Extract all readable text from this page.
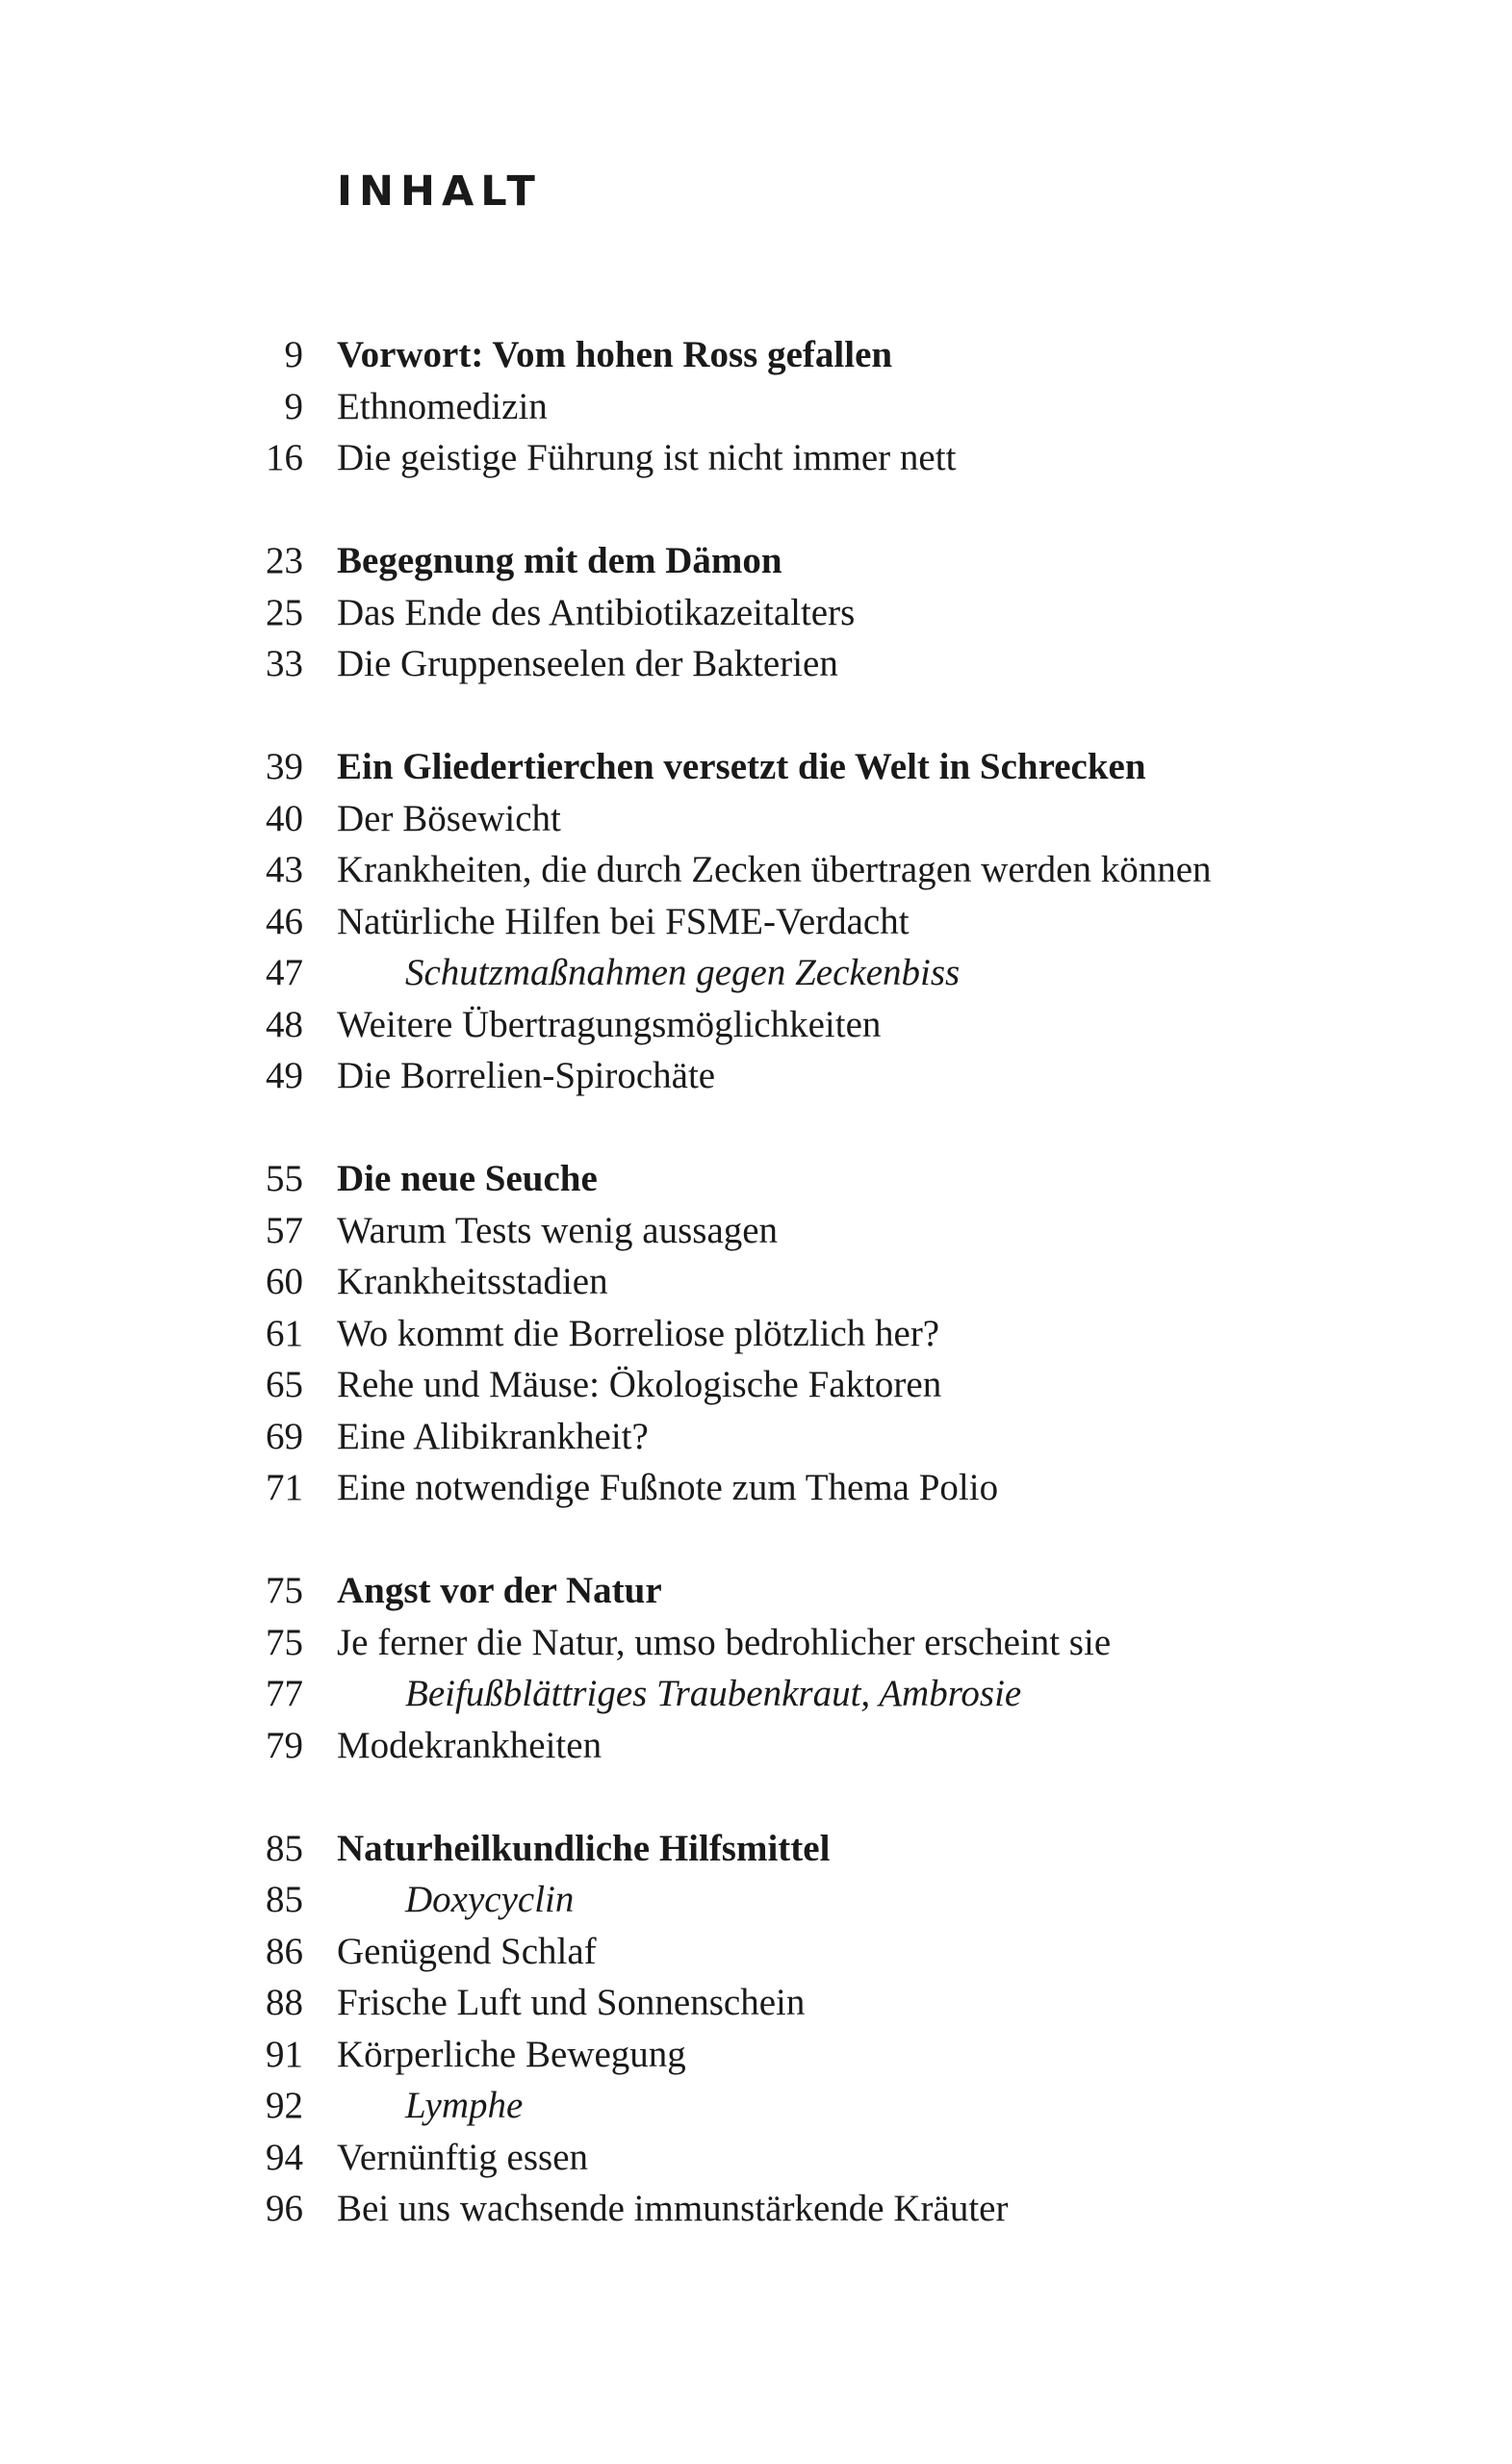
INHALT
9 Vorwort: Vom hohen Ross gefallen
9 Ethnomedizin
16 Die geistige Führung ist nicht immer nett
23 Begegnung mit dem Dämon
25 Das Ende des Antibiotikazeitalters
33 Die Gruppenseelen der Bakterien
39 Ein Gliedertierchen versetzt die Welt in Schrecken
40 Der Bösewicht
43 Krankheiten, die durch Zecken übertragen werden können
46 Natürliche Hilfen bei FSME-Verdacht
47	Schutzmaßnahmen gegen Zeckenbiss
48 Weitere Übertragungsmöglichkeiten
49 Die Borrelien-Spirochäte
55 Die neue Seuche
57 Warum Tests wenig aussagen
60 Krankheitsstadien
61 Wo kommt die Borreliose plötzlich her?
65 Rehe und Mäuse: Ökologische Faktoren
69 Eine Alibikrankheit?
71 Eine notwendige Fußnote zum Thema Polio
75 Angst vor der Natur
75 Je ferner die Natur, umso bedrohlicher erscheint sie
77	Beifußblättriges Traubenkraut, Ambrosie
79 Modekrankheiten
85 Naturheilkundliche Hilfsmittel
85	Doxycyclin
86 Genügend Schlaf
88 Frische Luft und Sonnenschein
91 Körperliche Bewegung
92	Lymphe
94 Vernünftig essen
96 Bei uns wachsende immunstärkende Kräuter
